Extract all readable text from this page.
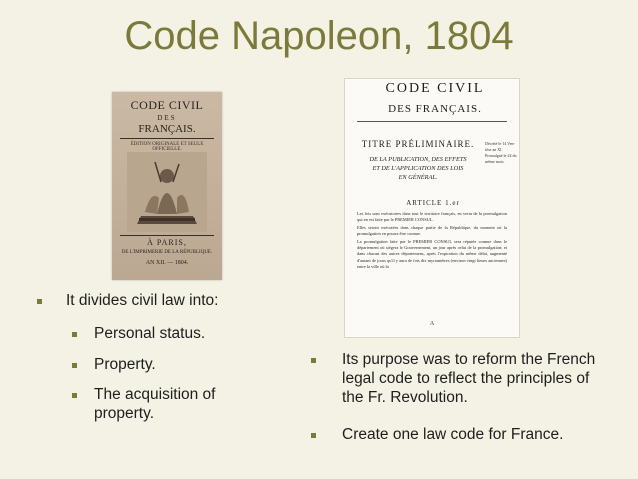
Code Napoleon, 1804
CODE CIVIL
DES
FRANÇAIS.
ÉDITION ORIGINALE ET SEULE OFFICIELLE.
À PARIS,
DE L'IMPRIMERIE DE LA RÉPUBLIQUE.
AN XII. — 1804.
CODE CIVIL
DES FRANÇAIS.
TITRE PRÉLIMINAIRE.
DE LA PUBLICATION, DES EFFETS
ET DE L'APPLICATION DES LOIS
EN GÉNÉRAL.
Décrété le 14 Ven-
tôse an XI.
Promulgué le 24 du
même mois.
ARTICLE 1.er

Les lois sont exécutoires dans tout le territoire français, en vertu de la promulgation qui en est faite par le PREMIER CONSUL.

Elles seront exécutées dans chaque partie de la République, du moment où la promulgation en pourra être connue.

La promulgation faite par le PREMIER CONSUL sera réputée connue dans le département où siégera le Gouvernement, un jour après celui de la promulgation; et dans chacun des autres départemens, après l'expiration du même délai, augmenté d'autant de jours qu'il y aura de fois dix myriamètres (environ vingt lieues anciennes) entre la ville où la

A
It divides civil law into:
Personal status.
Property.
The acquisition of property.
Its purpose was to reform the French legal code to reflect the principles of the Fr. Revolution.
Create one law code for France.
